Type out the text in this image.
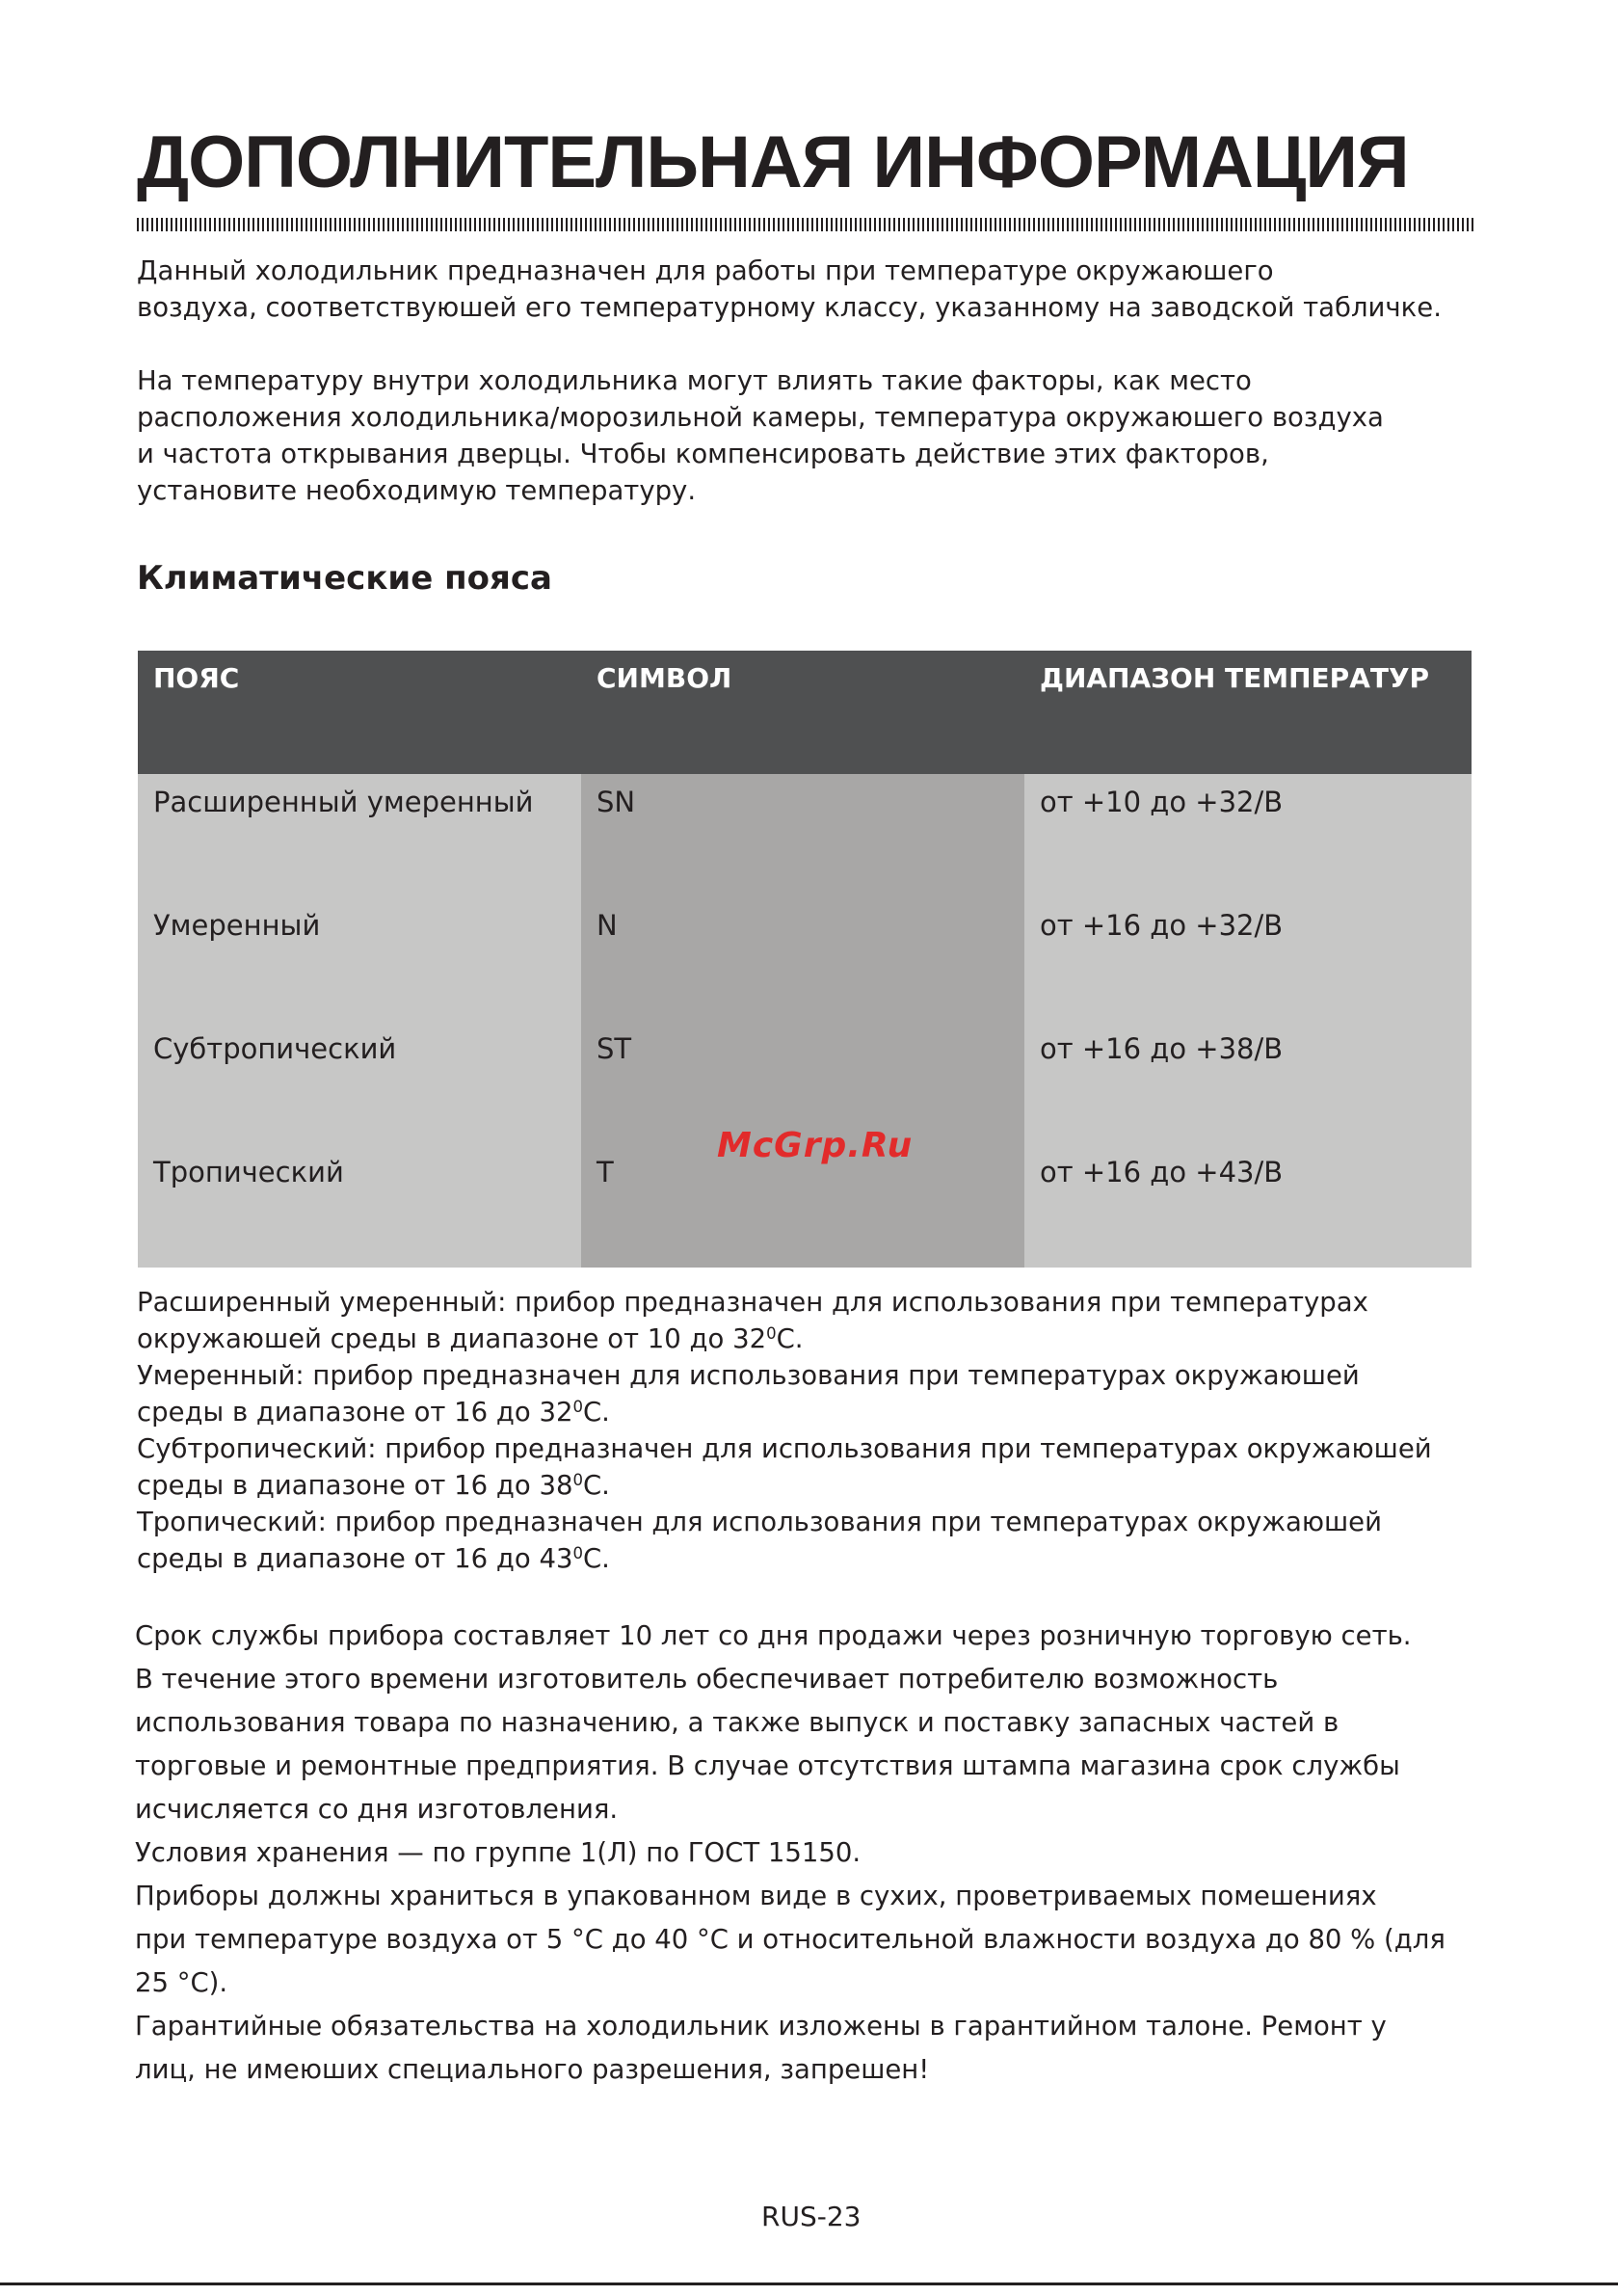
ДОПОЛНИТЕЛЬНАЯ ИНФОРМАЦИЯ

Данный холодильник предназначен для работы при температуре окружаюшего
воздуха, соответствуюшей его температурному классу, указанному на заводской табличке.

На температуру внутри холодильника могут влиять такие факторы, как место
расположения холодильника/морозильной камеры, температура окружаюшего воздуха
и частота открывания дверцы. Чтобы компенсировать действие этих факторов,
установите необходимую температуру.

Климатические пояса
ПОЯС	СИМВОЛ	ДИАПАЗОН ТЕМПЕРАТУР
Расширенный умеренный	SN	от +10 до +32/В
Умеренный	N	от +16 до +32/В
Субтропический	ST	от +16 до +38/В
Тропический	T	от +16 до +43/В
McGrp.Ru

Расширенный умеренный: прибор предназначен для использования при температурах
окружаюшей среды в диапазоне от 10 до $32^0С$.
Умеренный: прибор предназначен для использования при температурах окружаюшей
среды в диапазоне от 16 до $32^0С$.
Субтропический: прибор предназначен для использования при температурах окружаюшей
среды в диапазоне от 16 до $38^0С$.
Тропический: прибор предназначен для использования при температурах окружаюшей
среды в диапазоне от 16 до $43^0С$.

Срок службы прибора составляет 10 лет со дня продажи через розничную торговую сеть.
В течение этого времени изготовитель обеспечивает потребителю возможность
использования товара по назначению, а также выпуск и поставку запасных частей в
торговые и ремонтные предприятия. В случае отсутствия штампа магазина срок службы
исчисляется со дня изготовления.
Условия хранения — по группе 1(Л) по ГОСТ 15150.
Приборы должны храниться в упакованном виде в сухих, проветриваемых помешениях
при температуре воздуха от 5 °С до 40 °С и относительной влажности воздуха до 80 % (для
25 °С).
Гарантийные обязательства на холодильник изложены в гарантийном талоне. Ремонт у
лиц, не имеюших специального разрешения, запрешен!

RUS-23
